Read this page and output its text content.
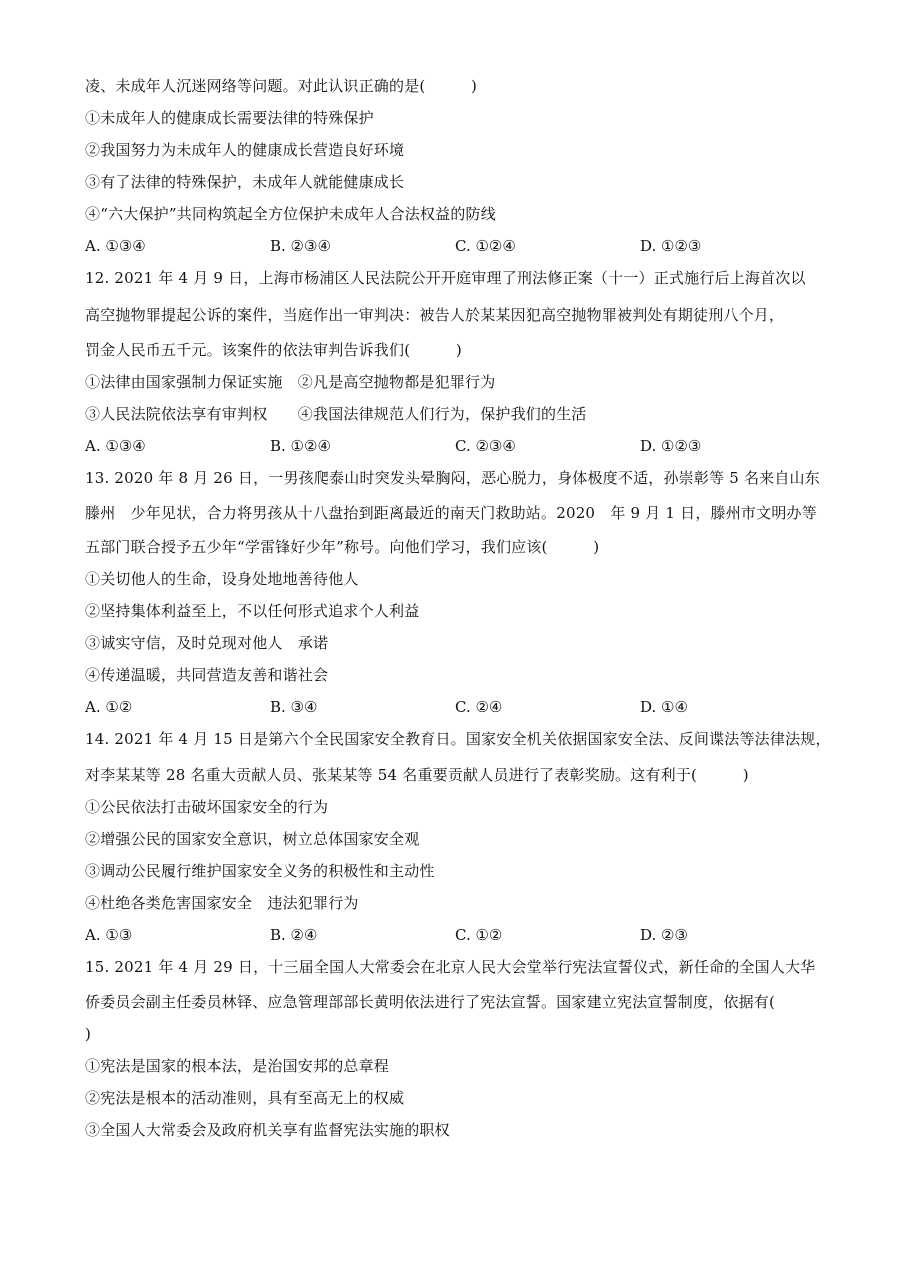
凌、未成年人沉迷网络等问题。对此认识正确的是(　　　)
①未成年人的健康成长需要法律的特殊保护
②我国努力为未成年人的健康成长营造良好环境
③有了法律的特殊保护，未成年人就能健康成长
④“六大保护”共同构筑起全方位保护未成年人合法权益的防线
A. ①③④	B. ②③④	C. ①②④	D. ①②③
12. 2021 年 4 月 9 日，上海市杨浦区人民法院公开开庭审理了刑法修正案（十一）正式施行后上海首次以
高空抛物罪提起公诉的案件，当庭作出一审判决：被告人於某某因犯高空抛物罪被判处有期徒刑八个月，
罚金人民币五千元。该案件的依法审判告诉我们(　　　)
①法律由国家强制力保证实施　②凡是高空抛物都是犯罪行为
③人民法院依法享有审判权　　④我国法律规范人们行为，保护我们的生活
A. ①③④	B. ①②④	C. ②③④	D. ①②③
13. 2020 年 8 月 26 日，一男孩爬泰山时突发头晕胸闷，恶心脱力，身体极度不适，孙崇彰等 5 名来自山东
滕州　少年见状，合力将男孩从十八盘抬到距离最近的南天门救助站。2020　年 9 月 1 日，滕州市文明办等
五部门联合授予五少年“学雷锋好少年”称号。向他们学习，我们应该(　　　)
①关切他人的生命，设身处地地善待他人
②坚持集体利益至上，不以任何形式追求个人利益
③诚实守信，及时兑现对他人　承诺
④传递温暖，共同营造友善和谐社会
A. ①②	B. ③④	C. ②④	D. ①④
14. 2021 年 4 月 15 日是第六个全民国家安全教育日。国家安全机关依据国家安全法、反间谍法等法律法规，
对李某某等 28 名重大贡献人员、张某某等 54 名重要贡献人员进行了表彰奖励。这有利于(　　　)
①公民依法打击破坏国家安全的行为
②增强公民的国家安全意识，树立总体国家安全观
③调动公民履行维护国家安全义务的积极性和主动性
④杜绝各类危害国家安全　违法犯罪行为
A. ①③	B. ②④	C. ①②	D. ②③
15. 2021 年 4 月 29 日，十三届全国人大常委会在北京人民大会堂举行宪法宣誓仪式，新任命的全国人大华
侨委员会副主任委员林铎、应急管理部部长黄明依法进行了宪法宣誓。国家建立宪法宣誓制度，依据有(
)
①宪法是国家的根本法，是治国安邦的总章程
②宪法是根本的活动准则，具有至高无上的权威
③全国人大常委会及政府机关享有监督宪法实施的职权
